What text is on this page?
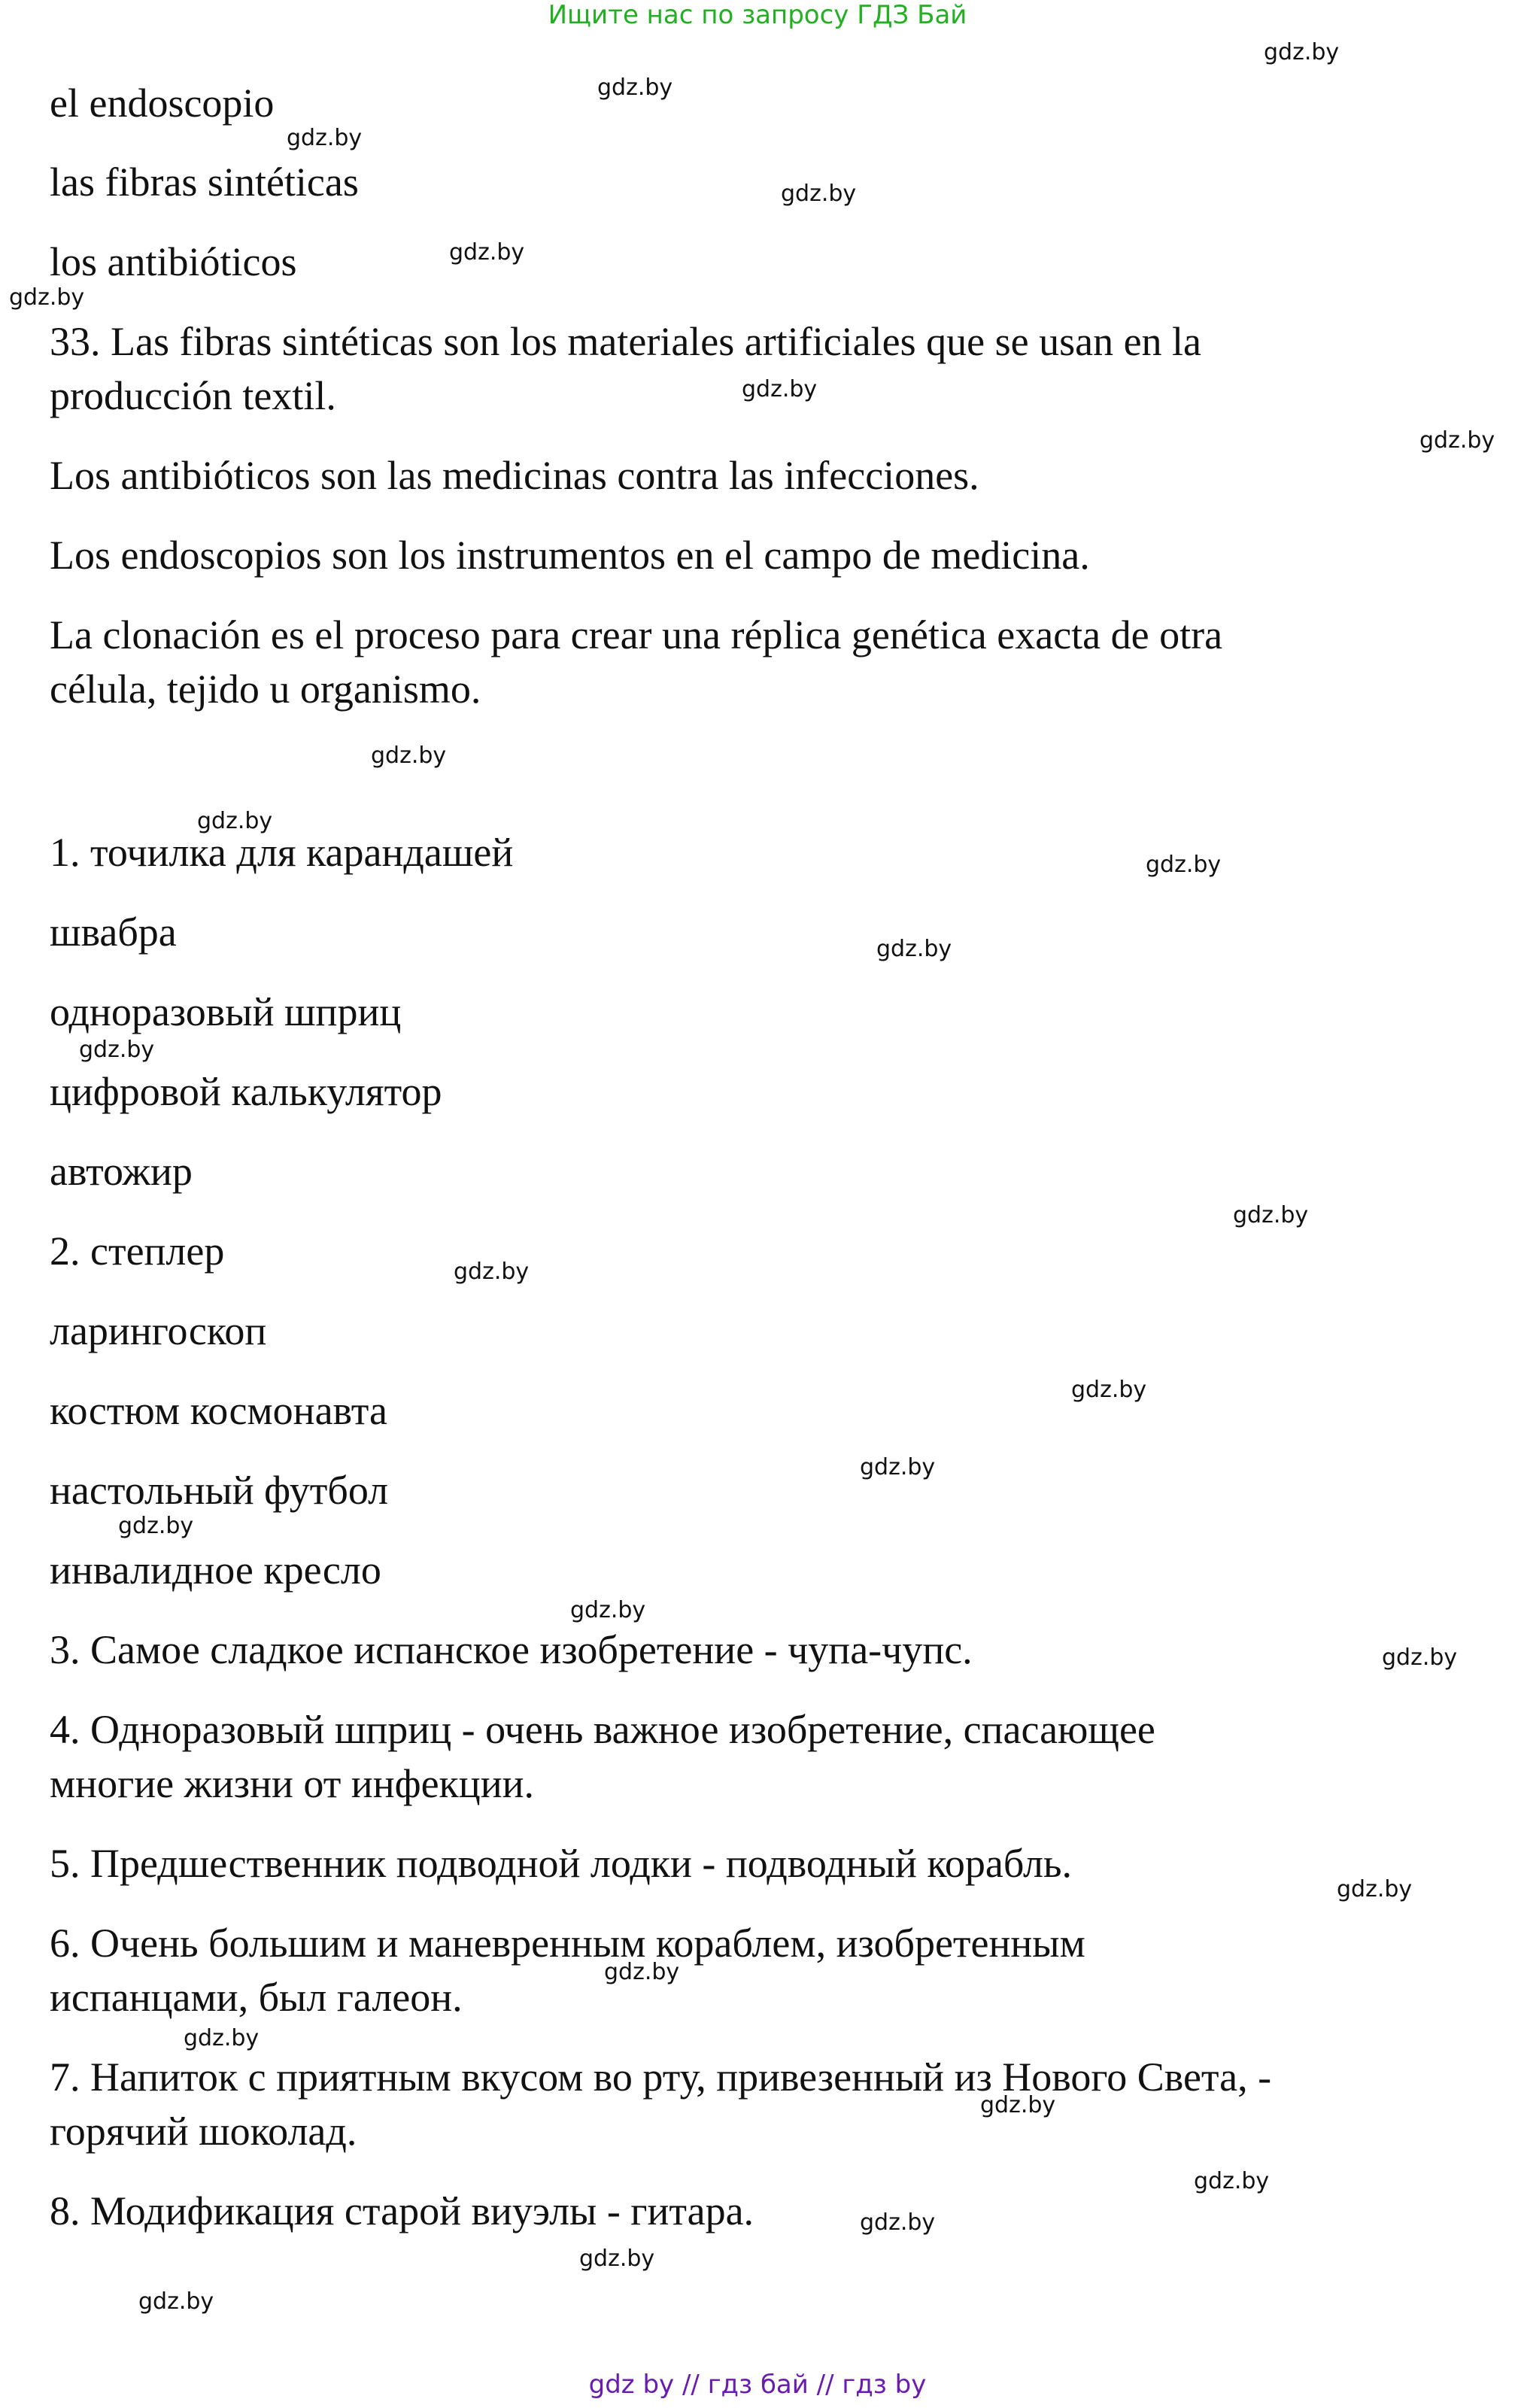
Ищите нас по запросу ГДЗ Бай
el endoscopio
las fibras sintéticas
los antibióticos
33. Las fibras sintéticas son los materiales artificiales que se usan en la
producción textil.
Los antibióticos son las medicinas contra las infecciones.
Los endoscopios son los instrumentos en el campo de medicina.
La clonación es el proceso para crear una réplica genética exacta de otra
célula, tejido u organismo.
1. точилка для карандашей
швабра
одноразовый шприц
цифровой калькулятор
автожир
2. степлер
ларингоскоп
костюм космонавта
настольный футбол
инвалидное кресло
3. Самое сладкое испанское изобретение - чупа-чупс.
4. Одноразовый шприц - очень важное изобретение, спасающее
многие жизни от инфекции.
5. Предшественник подводной лодки - подводный корабль.
6. Очень большим и маневренным кораблем, изобретенным
испанцами, был галеон.
7. Напиток с приятным вкусом во рту, привезенный из Нового Света, -
горячий шоколад.
8. Модификация старой виуэлы - гитара.
gdz.by
gdz.by
gdz.by
gdz.by
gdz.by
gdz.by
gdz.by
gdz.by
gdz.by
gdz.by
gdz.by
gdz.by
gdz.by
gdz.by
gdz.by
gdz.by
gdz.by
gdz.by
gdz.by
gdz.by
gdz.by
gdz.by
gdz.by
gdz.by
gdz.by
gdz.by
gdz.by
gdz.by
gdz by // гдз бай // гдз by
